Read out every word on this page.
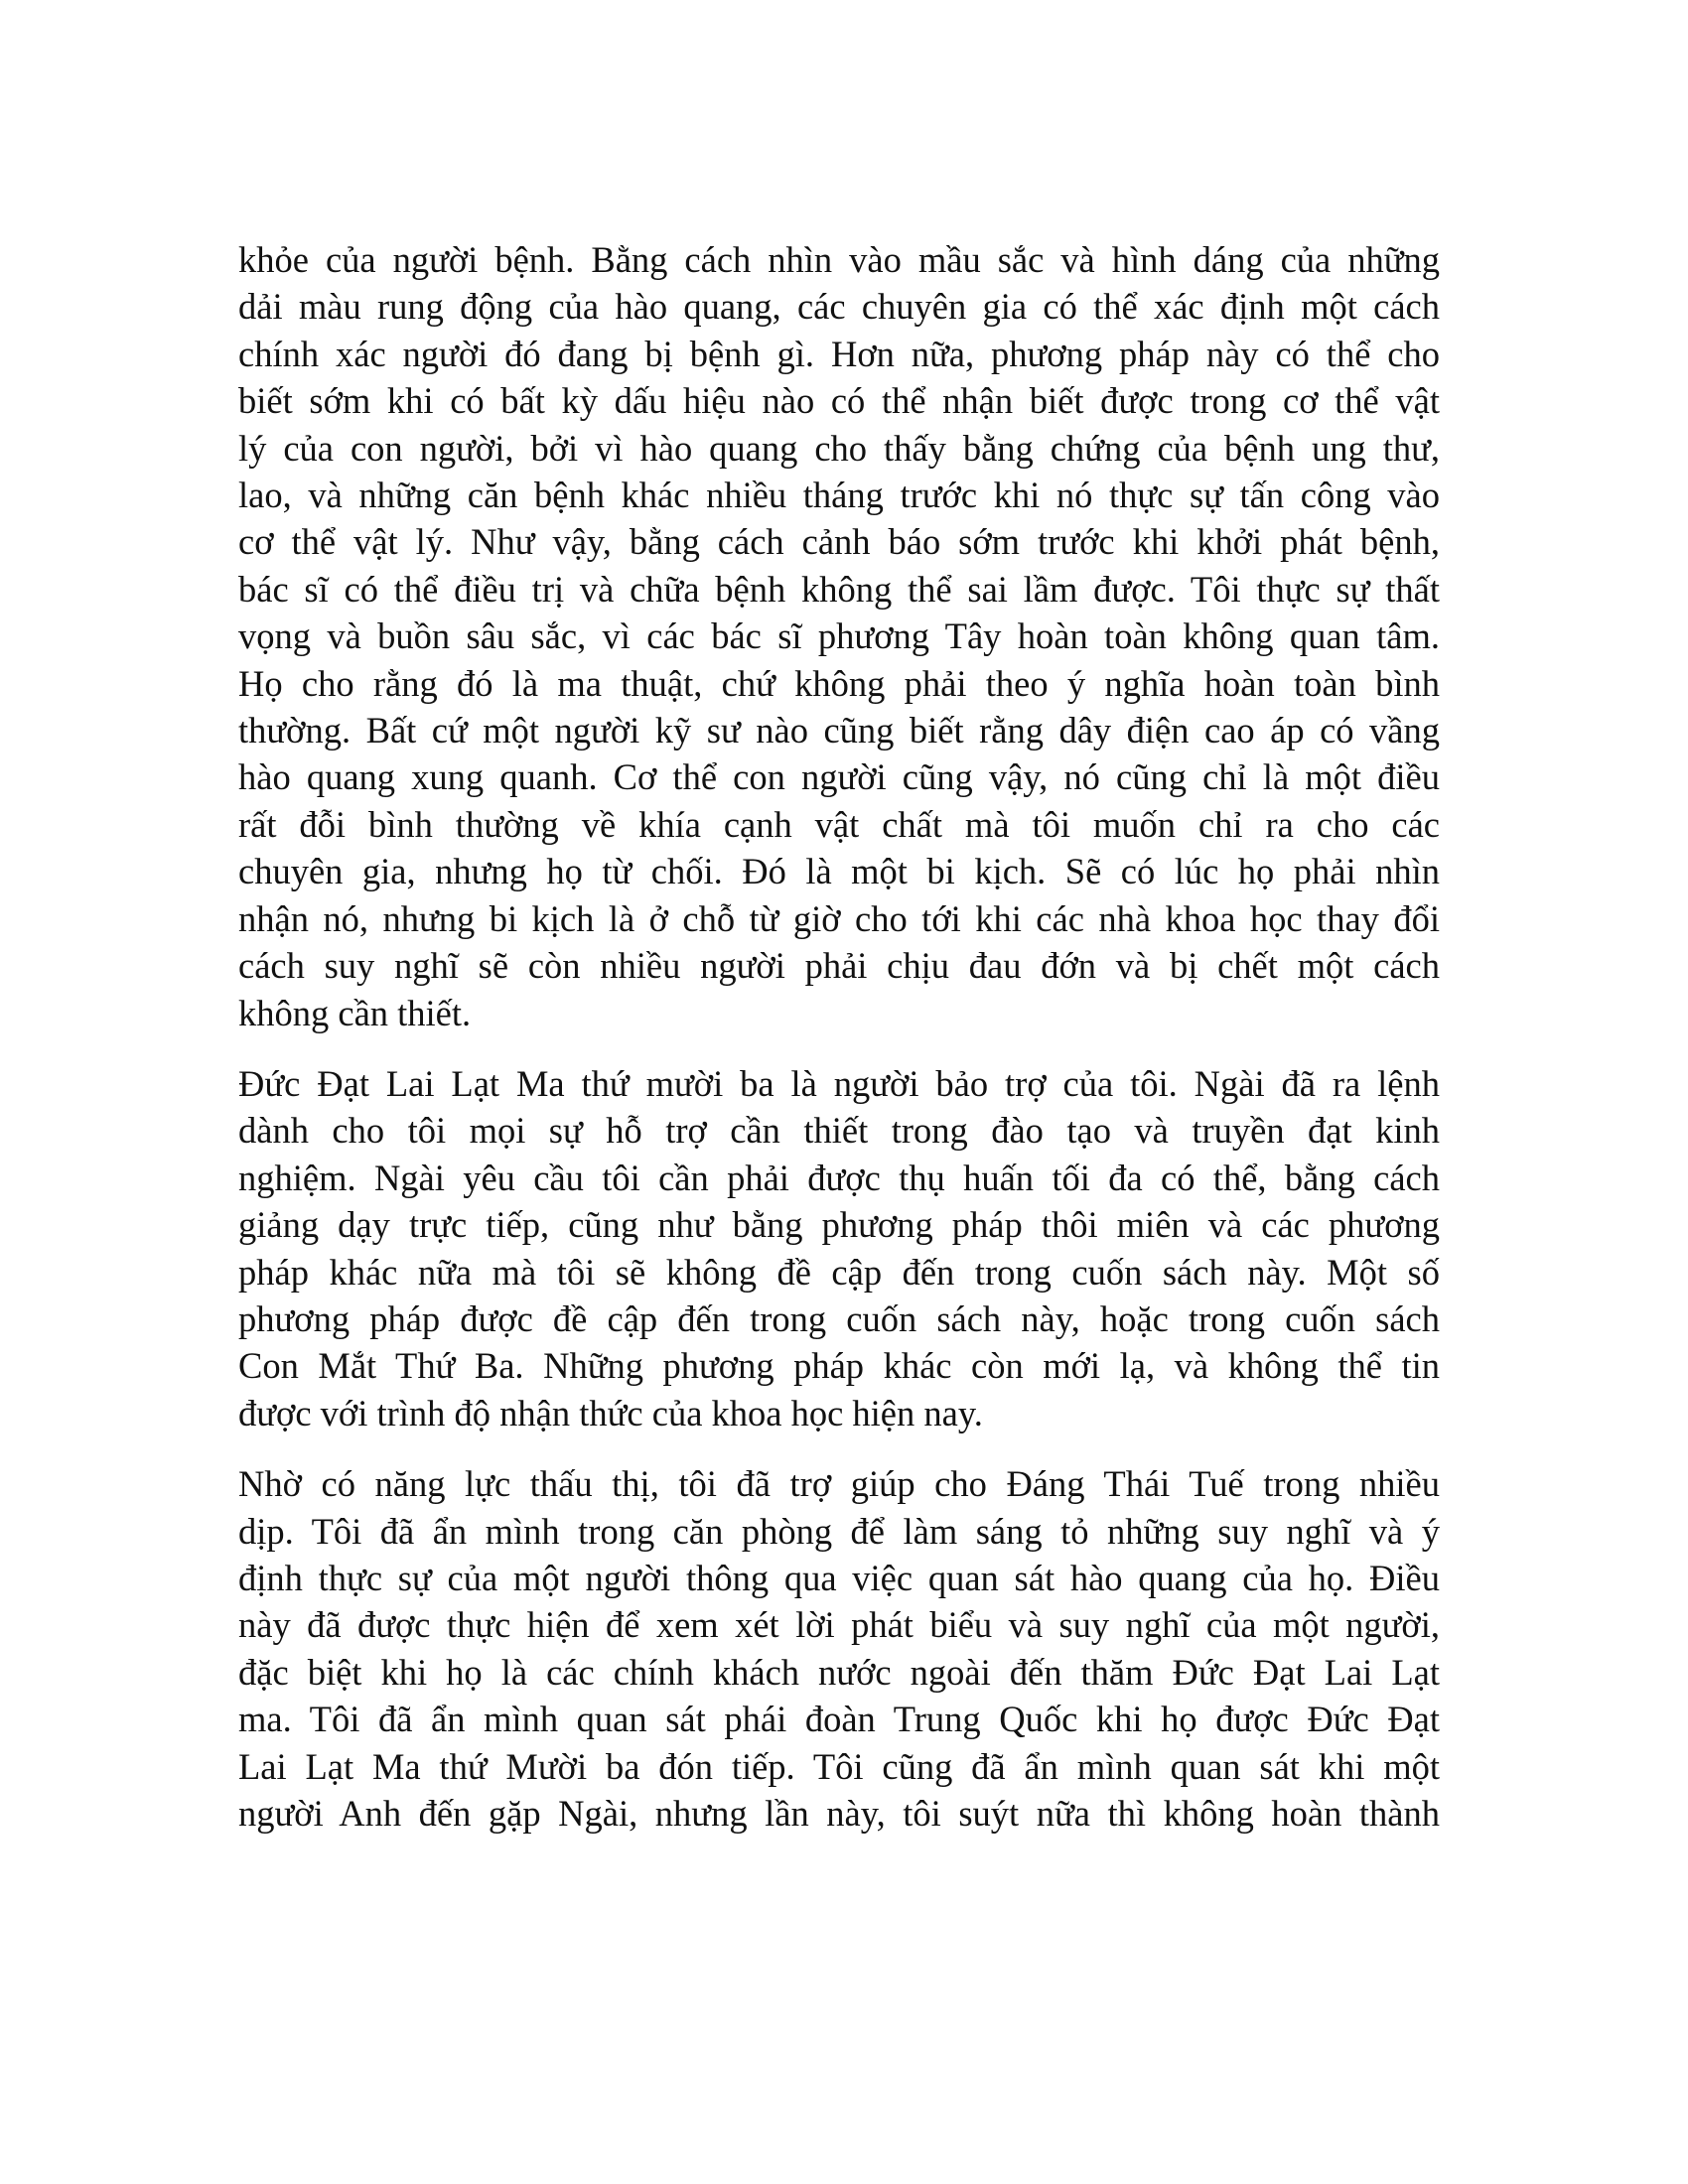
khỏe của người bệnh. Bằng cách nhìn vào mầu sắc và hình dáng của những
dải màu rung động của hào quang, các chuyên gia có thể xác định một cách
chính xác người đó đang bị bệnh gì. Hơn nữa, phương pháp này có thể cho
biết sớm khi có bất kỳ dấu hiệu nào có thể nhận biết được trong cơ thể vật
lý của con người, bởi vì hào quang cho thấy bằng chứng của bệnh ung thư,
lao, và những căn bệnh khác nhiều tháng trước khi nó thực sự tấn công vào
cơ thể vật lý. Như vậy, bằng cách cảnh báo sớm trước khi khởi phát bệnh,
bác sĩ có thể điều trị và chữa bệnh không thể sai lầm được. Tôi thực sự thất
vọng và buồn sâu sắc, vì các bác sĩ phương Tây hoàn toàn không quan tâm.
Họ cho rằng đó là ma thuật, chứ không phải theo ý nghĩa hoàn toàn bình
thường. Bất cứ một người kỹ sư nào cũng biết rằng dây điện cao áp có vầng
hào quang xung quanh. Cơ thể con người cũng vậy, nó cũng chỉ là một điều
rất đỗi bình thường về khía cạnh vật chất mà tôi muốn chỉ ra cho các
chuyên gia, nhưng họ từ chối. Đó là một bi kịch. Sẽ có lúc họ phải nhìn
nhận nó, nhưng bi kịch là ở chỗ từ giờ cho tới khi các nhà khoa học thay đổi
cách suy nghĩ sẽ còn nhiều người phải chịu đau đớn và bị chết một cách
không cần thiết.

Đức Đạt Lai Lạt Ma thứ mười ba là người bảo trợ của tôi. Ngài đã ra lệnh
dành cho tôi mọi sự hỗ trợ cần thiết trong đào tạo và truyền đạt kinh
nghiệm. Ngài yêu cầu tôi cần phải được thụ huấn tối đa có thể, bằng cách
giảng dạy trực tiếp, cũng như bằng phương pháp thôi miên và các phương
pháp khác nữa mà tôi sẽ không đề cập đến trong cuốn sách này. Một số
phương pháp được đề cập đến trong cuốn sách này, hoặc trong cuốn sách
Con Mắt Thứ Ba. Những phương pháp khác còn mới lạ, và không thể tin
được với trình độ nhận thức của khoa học hiện nay.

Nhờ có năng lực thấu thị, tôi đã trợ giúp cho Đáng Thái Tuế trong nhiều
dịp. Tôi đã ẩn mình trong căn phòng để làm sáng tỏ những suy nghĩ và ý
định thực sự của một người thông qua việc quan sát hào quang của họ. Điều
này đã được thực hiện để xem xét lời phát biểu và suy nghĩ của một người,
đặc biệt khi họ là các chính khách nước ngoài đến thăm Đức Đạt Lai Lạt
ma. Tôi đã ẩn mình quan sát phái đoàn Trung Quốc khi họ được Đức Đạt
Lai Lạt Ma thứ Mười ba đón tiếp. Tôi cũng đã ẩn mình quan sát khi một
người Anh đến gặp Ngài, nhưng lần này, tôi suýt nữa thì không hoàn thành
